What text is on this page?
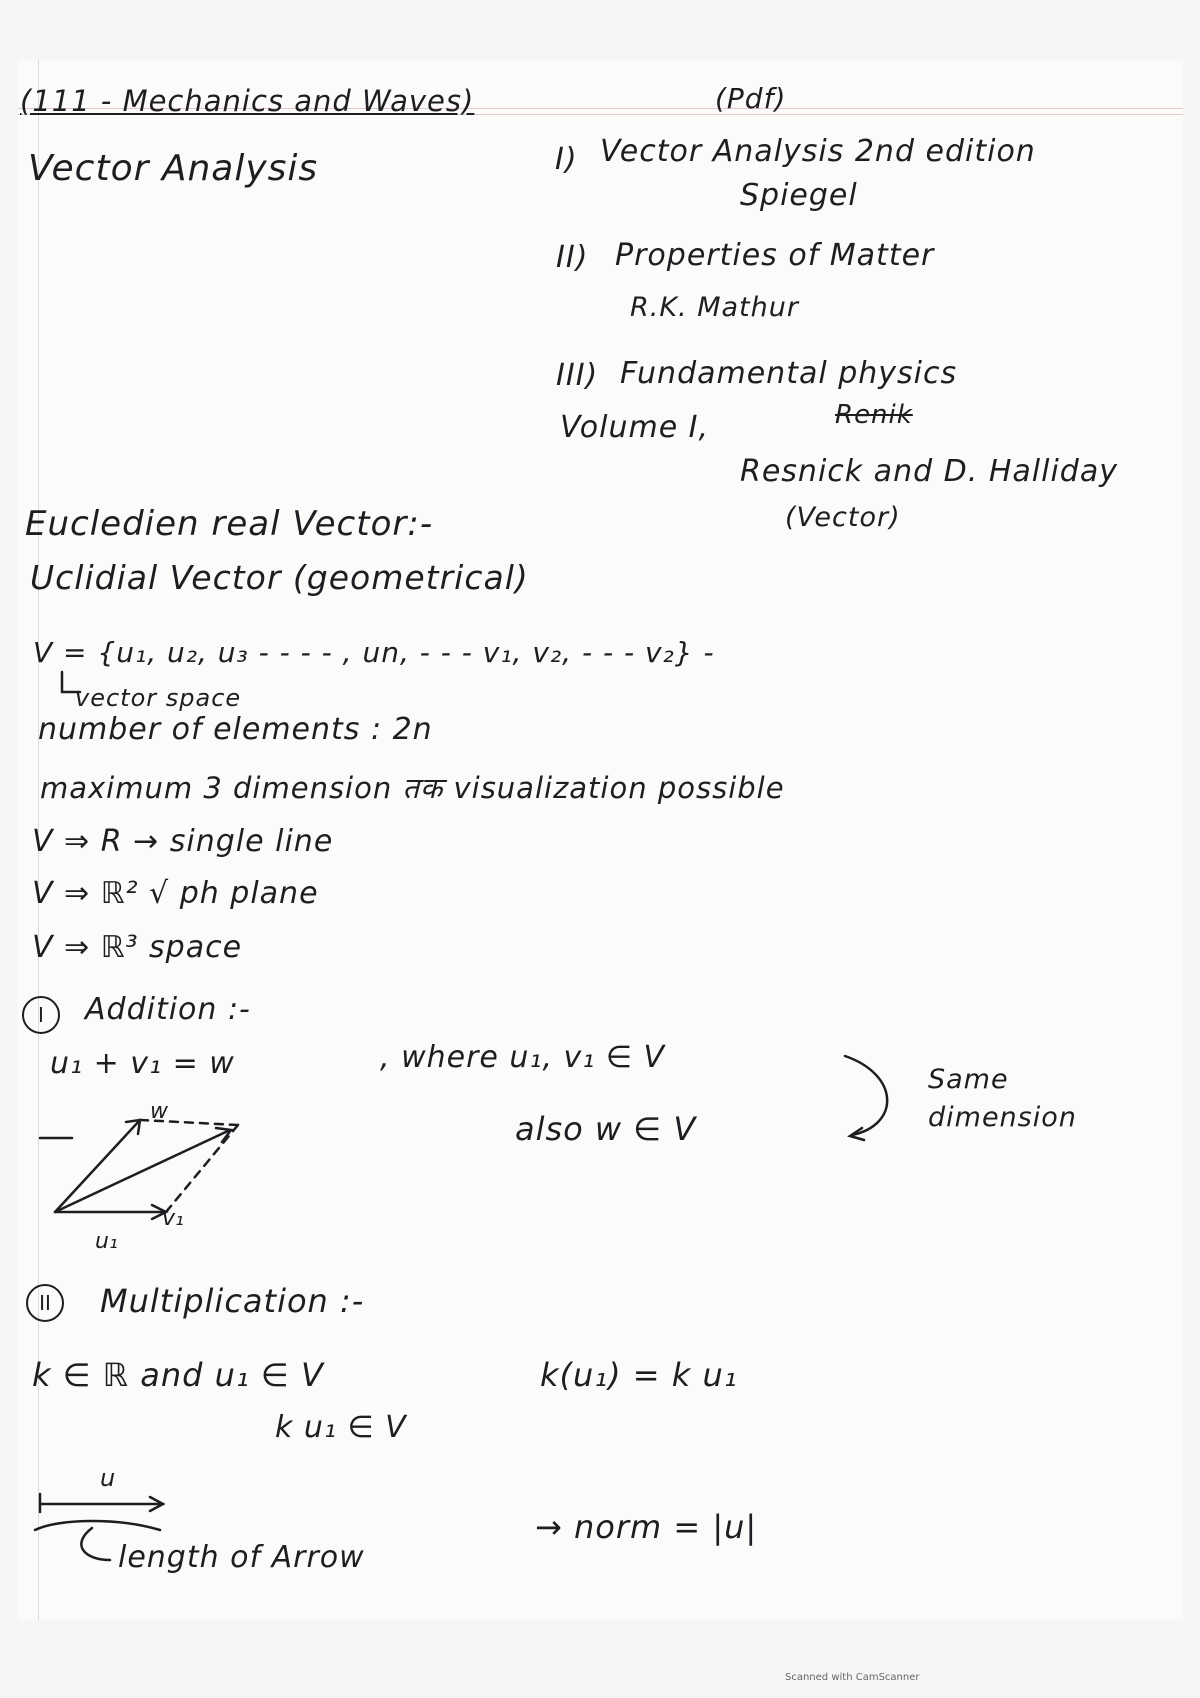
(111 - Mechanics and Waves)	(Pdf)
Vector Analysis	I) Vector Analysis 2nd edition
Spiegel
II) Properties of Matter
R.K. Mathur
III) Fundamental physics
Volume I,	Renik
Resnick and D. Halliday
(Vector)
Eucledien real Vector:-
Uclidial Vector (geometrical)
V = {u₁, u₂, u₃ - - - - , un, - - - v₁, v₂, - - - v₂} -
vector space
number of elements : 2n
maximum 3 dimension तक visualization possible
V ⇒ R → single line
V ⇒ ℝ² √ ph plane
V ⇒ ℝ³ space
I	Addition :-
u₁ + v₁ = w	, where u₁, v₁ ∈ V
also w ∈ V
Same
dimension
v₁
w
u₁
II	Multiplication :-
k ∈ ℝ and u₁ ∈ V
k u₁ ∈ V
k(u₁) = k u₁
u
length of Arrow
→ norm = |u|
Scanned with CamScanner
